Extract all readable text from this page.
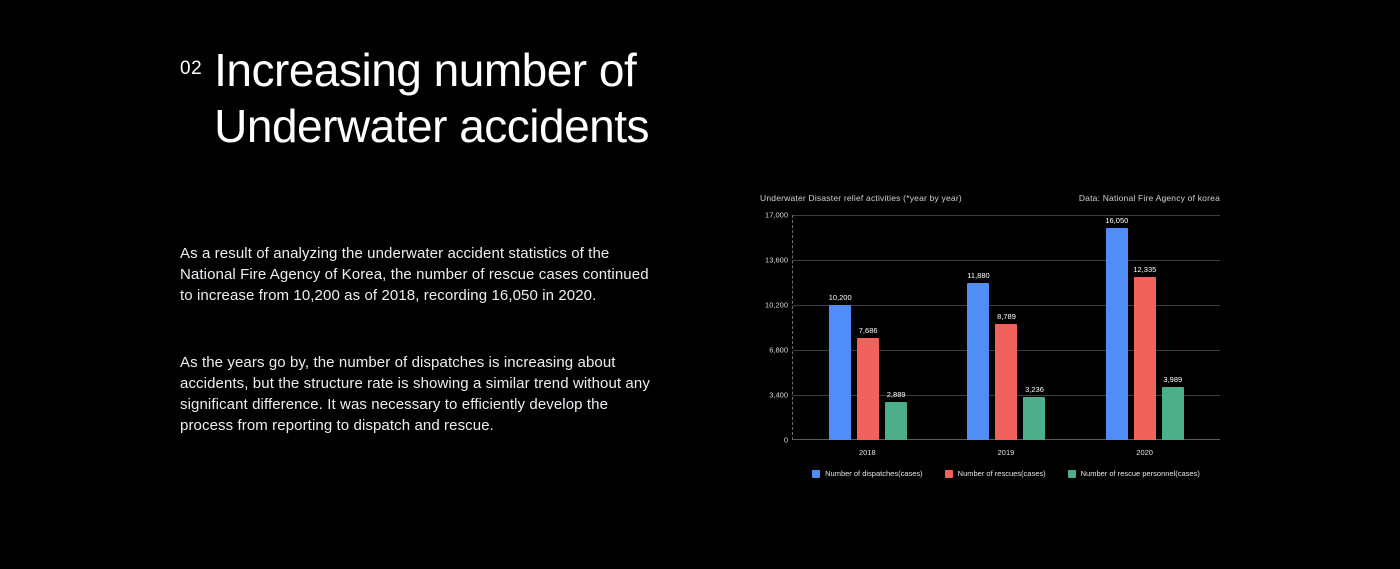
02 Increasing number of
Underwater accidents

As a result of analyzing the underwater accident statistics of the National Fire Agency of Korea, the number of rescue cases continued to increase from 10,200 as of 2018, recording 16,050 in 2020.

As the years go by, the number of dispatches is increasing about accidents, but the structure rate is showing a similar trend without any significant difference. It was necessary to efficiently develop the process from reporting to dispatch and rescue.

Underwater Disaster relief activities (*year by year)	Data: National Fire Agency of korea
0
3,400
6,800
10,200
13,600
17,000
10,200
7,686
2,889
11,880
8,789
3,236
16,050
12,335
3,989
2018	2019	2020
Number of dispatches(cases)	Number of rescues(cases)	Number of rescue personnel(cases)
